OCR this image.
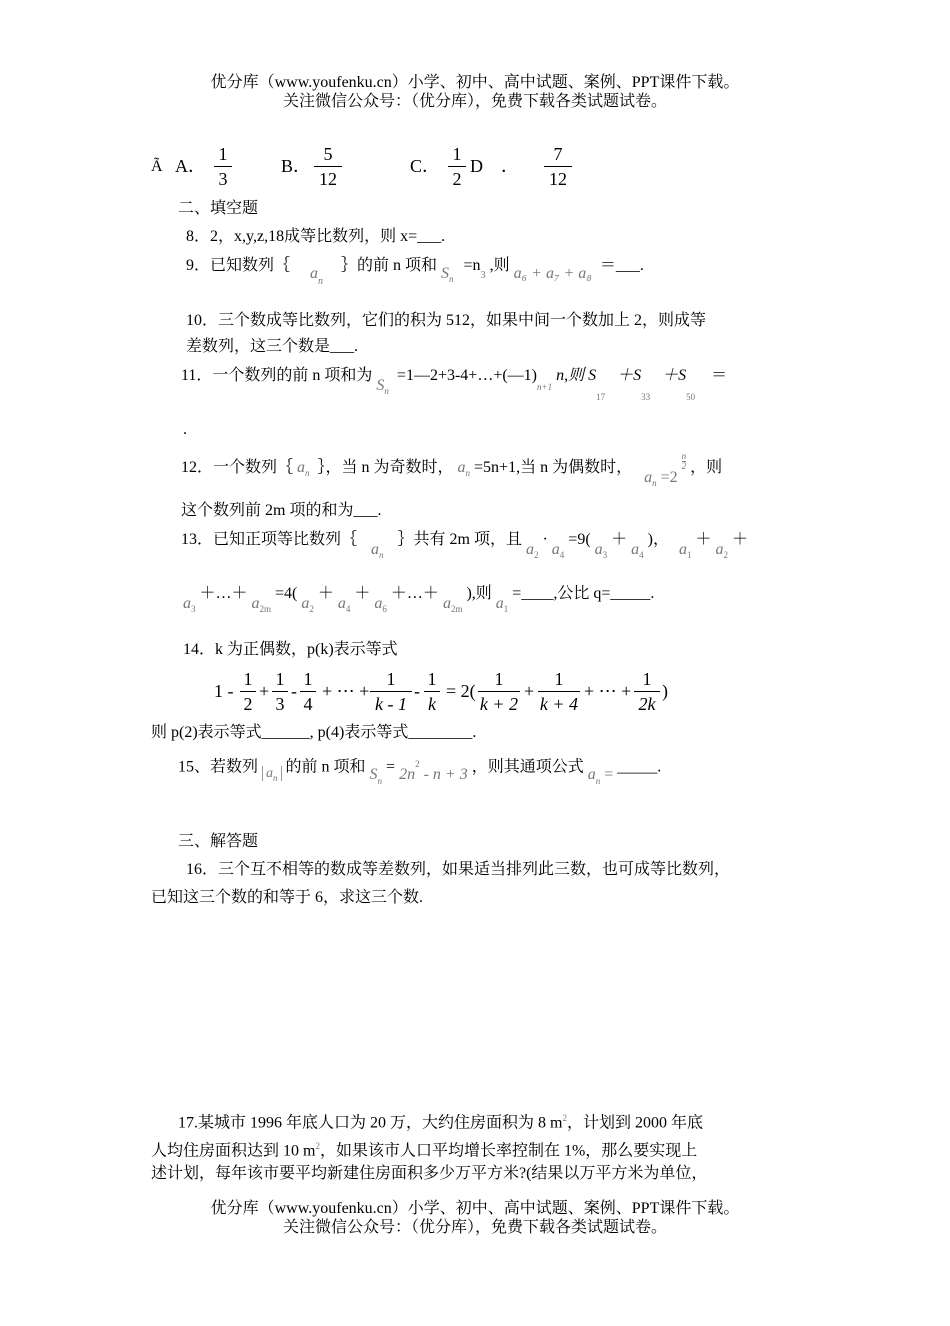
优分库（www.youfenku.cn）小学、初中、高中试题、案例、PPT课件下载。
关注微信公众号：（优分库），免费下载各类试题试卷。
Ã A．
1
3
B．
5
12
C．
1
2
D　．
7
12
二、填空题
8．2，x,y,z,18成等比数列，则 x=___.
9．已知数列｛ $a_n$ ｝的前 n 项和 $S_n =n_3$ ,则 a₆ + a₇ + a₈ ＝___.
10．三个数成等比数列，它们的积为 512，如果中间一个数加上 2，则成等
差数列，这三个数是___.
11．一个数列的前 n 项和为 $S_n$ $=1—2+3-4+\dots+(—1)_{n+1}$ n,则 $S_{17} +S_{33} +S_{50}$ ＝
.
12．一个数列｛ $a_n$ ｝，当 n 为奇数时， $a_n =5n+1$,当 n 为偶数时， $a_n =2$
$\frac{n}{2}$ ，则
这个数列前 2m 项的和为___.
13．已知正项等比数列｛ $a_n$ ｝共有 2m 项，且 $a_2 \cdot a_4 =9$( $a_3 + a_4$ )， $a_1 + a_2$ ＋
$a_3$ ＋…＋ $a_{2m} =4$( $a_2 + a_4 + a_6$ ＋…＋ $a_{2m}$ ),则 $a_1$ =____,公比 q=_____.
14．k 为正偶数，p(k)表示等式
1 -
1
2
+
1
3
-
1
4
+ ⋯ +
1
k - 1
-
1
k
= 2(
1
k + 2
+
1
k + 4
+ ⋯ +
1
2k
)
则 p(2)表示等式______, p(4)表示等式________.
15、若数列 $a_n$ 的前 n 项和 $S_n = 2n^2 - n + 3$ ，则其通项公式 $a_n$ = _____.
三、解答题
16．三个互不相等的数成等差数列，如果适当排列此三数，也可成等比数列，
已知这三个数的和等于 6，求这三个数.
17.某城市 1996 年底人口为 20 万，大约住房面积为 8 $m^2$，计划到 2000 年底
人均住房面积达到 10 $m^2$，如果该市人口平均增长率控制在 1%，那么要实现上
述计划，每年该市要平均新建住房面积多少万平方米?(结果以万平方米为单位，
优分库（www.youfenku.cn）小学、初中、高中试题、案例、PPT课件下载。
关注微信公众号：（优分库），免费下载各类试题试卷。
